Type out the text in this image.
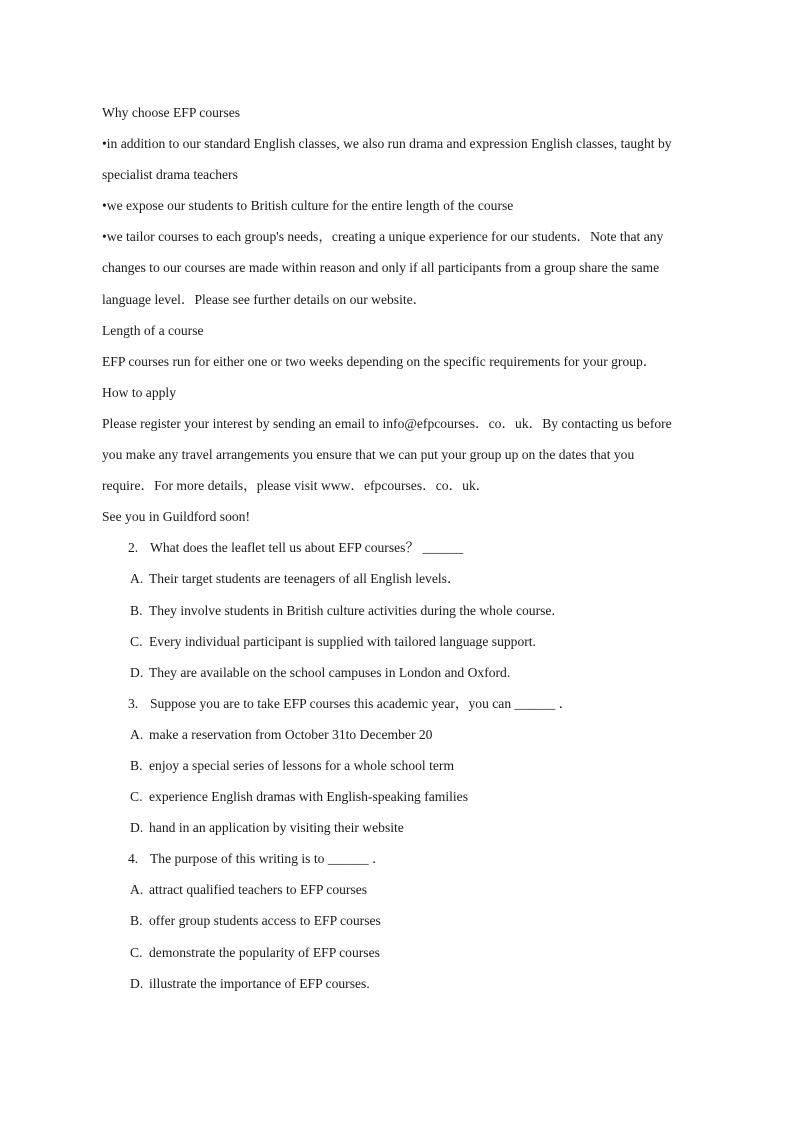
Why choose EFP courses

•in addition to our standard English classes, we also run drama and expression English classes, taught by

specialist drama teachers

•we expose our students to British culture for the entire length of the course

•we tailor courses to each group's needs，creating a unique experience for our students．Note that any

changes to our courses are made within reason and only if all participants from a group share the same

language level．Please see further details on our website．

Length of a course

EFP courses run for either one or two weeks depending on the specific requirements for your group．

How to apply

Please register your interest by sending an email to info@efpcourses．co．uk．By contacting us before

you make any travel arrangements you ensure that we can put your group up on the dates that you

require．For more details，please visit www．efpcourses．co．uk．

See you in Guildford soon!

2. What does the leaflet tell us about EFP courses？ ______

A. Their target students are teenagers of all English levels．

B. They involve students in British culture activities during the whole course.

C. Every individual participant is supplied with tailored language support.

D. They are available on the school campuses in London and Oxford.

3. Suppose you are to take EFP courses this academic year，you can ______ ．

A. make a reservation from October 31to December 20

B. enjoy a special series of lessons for a whole school term

C. experience English dramas with English-speaking families

D. hand in an application by visiting their website

4. The purpose of this writing is to ______ ．

A. attract qualified teachers to EFP courses

B. offer group students access to EFP courses

C. demonstrate the popularity of EFP courses

D. illustrate the importance of EFP courses.
